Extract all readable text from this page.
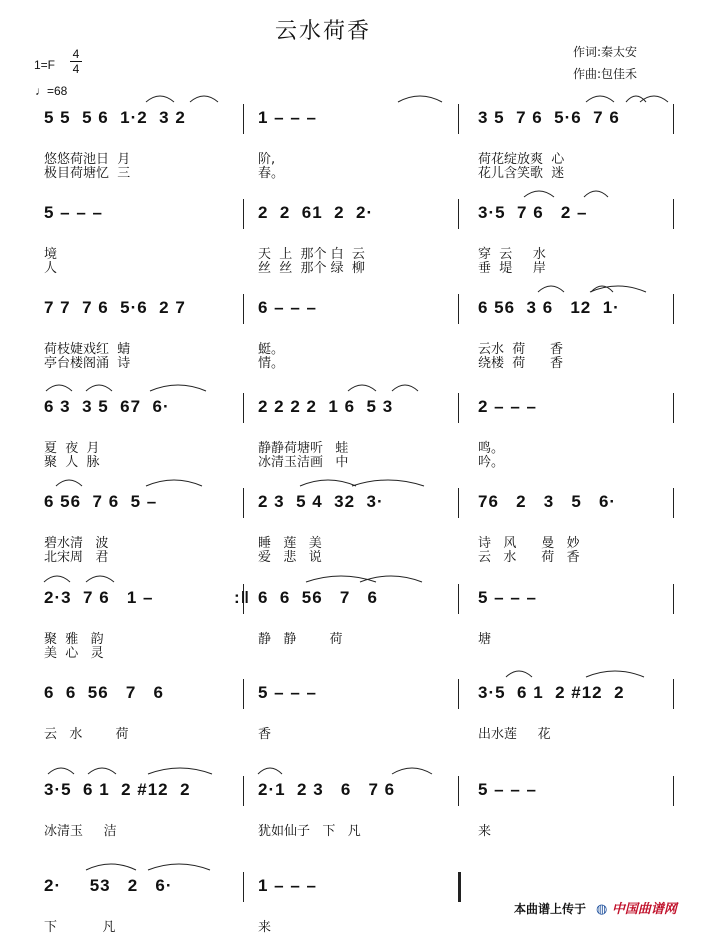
云水荷香
作词:秦太安
作曲:包佳禾
1=F
4
4
♩=68
5 5  5 6  1·2  3 2
悠悠荷池日  月
极目荷塘忆  三
1 – – –
阶,
春。
3 5  7 6  5·6  7 6
荷花绽放爽  心
花儿含笑歌  迷
5 – – –
境
人
2  2  61  2  2·
天  上  那个 白  云
丝  丝  那个 绿  柳
3·5  7 6   2 –
穿  云     水
垂  堤     岸
7 7  7 6  5·6  2 7
荷枝婕戏红  蜻
亭台楼阁涌  诗
6 – – –
蜓。
情。
6 56  3 6   12  1·
云水  荷      香
绕楼  荷      香
6 3  3 5  67  6·
夏  夜  月
聚  人  脉
2 2 2 2  1 6  5 3
静静荷塘听   蛙
冰清玉洁画   中
2 – – –
鸣。
吟。
6 56  7 6  5 –
碧水清   波
北宋周   君
2 3  5 4  32  3·
睡   莲   美
爱   悲   说
76   2   3   5   6·
诗   风      曼   妙
云   水      荷   香
2·3  7 6   1 –
聚  雅   韵
美  心   灵
6  6  56   7   6
静   静        荷
5 – – –
塘
:‖
6  6  56   7   6
云   水        荷
5 – – –
香
3·5  6 1  2 #12  2
出水莲     花
3·5  6 1  2 #12  2
冰清玉     洁
2·1  2 3   6   7 6
犹如仙子   下   凡
5 – – –
来
2·     53   2   6·
下           凡
1 – – –
来
本曲谱上传于 ◍ 中国曲谱网
